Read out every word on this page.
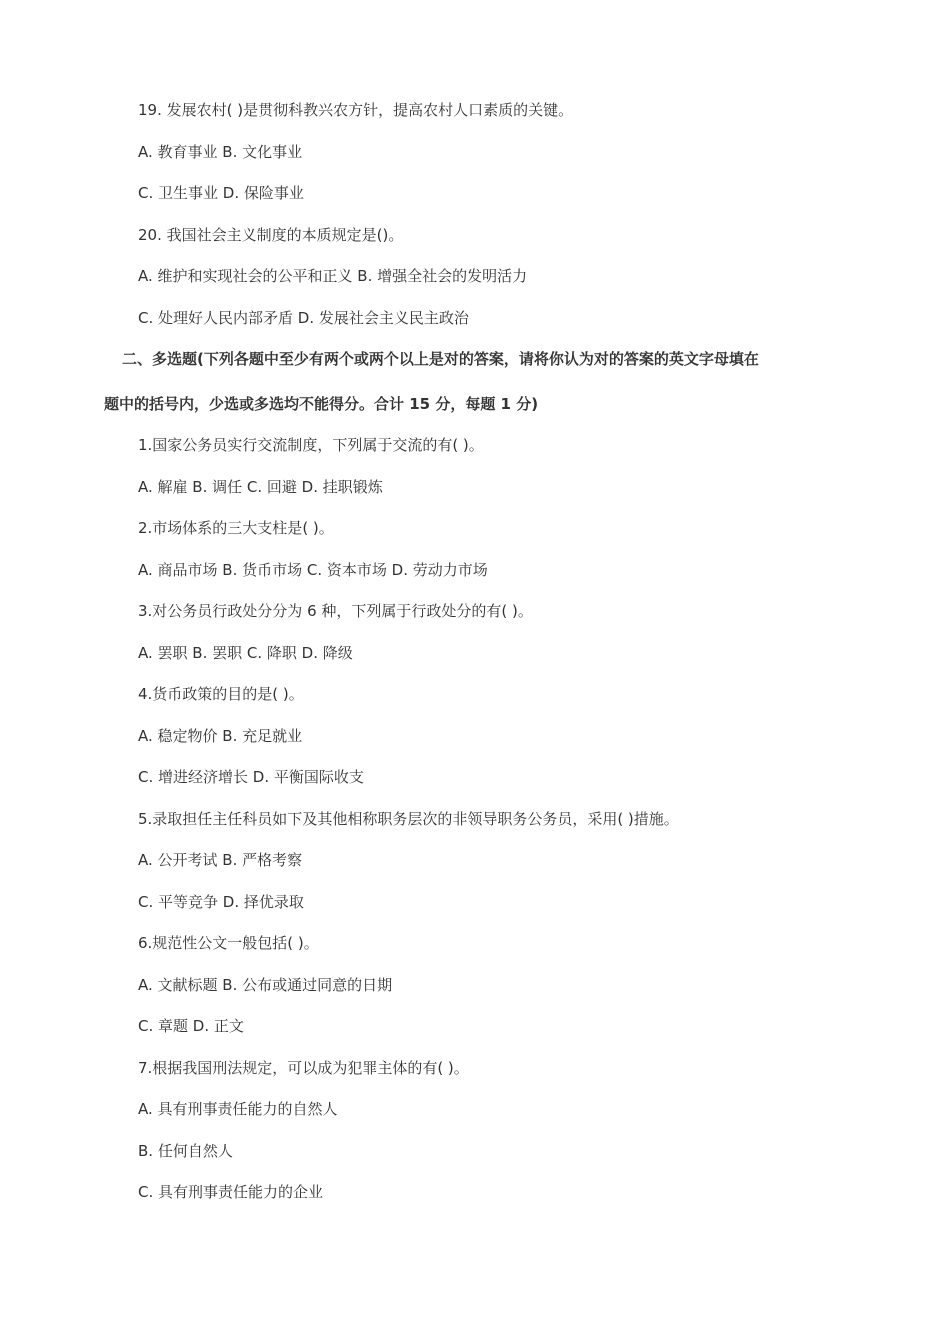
19. 发展农村( )是贯彻科教兴农方针，提高农村人口素质的关键。
A. 教育事业 B. 文化事业
C. 卫生事业 D. 保险事业
20. 我国社会主义制度的本质规定是()。
A. 维护和实现社会的公平和正义 B. 增强全社会的发明活力
C. 处理好人民内部矛盾 D. 发展社会主义民主政治
二、多选题(下列各题中至少有两个或两个以上是对的答案，请将你认为对的答案的英文字母填在
题中的括号内，少选或多选均不能得分。合计 15 分，每题 1 分)
1.国家公务员实行交流制度，下列属于交流的有( )。
A. 解雇 B. 调任 C. 回避 D. 挂职锻炼
2.市场体系的三大支柱是( )。
A. 商品市场 B. 货币市场 C. 资本市场 D. 劳动力市场
3.对公务员行政处分分为 6 种，下列属于行政处分的有( )。
A. 罢职 B. 罢职 C. 降职 D. 降级
4.货币政策的目的是( )。
A. 稳定物价 B. 充足就业
C. 增进经济增长 D. 平衡国际收支
5.录取担任主任科员如下及其他相称职务层次的非领导职务公务员，采用( )措施。
A. 公开考试 B. 严格考察
C. 平等竞争 D. 择优录取
6.规范性公文一般包括( )。
A. 文献标题 B. 公布或通过同意的日期
C. 章题 D. 正文
7.根据我国刑法规定，可以成为犯罪主体的有( )。
A. 具有刑事责任能力的自然人
B. 任何自然人
C. 具有刑事责任能力的企业
